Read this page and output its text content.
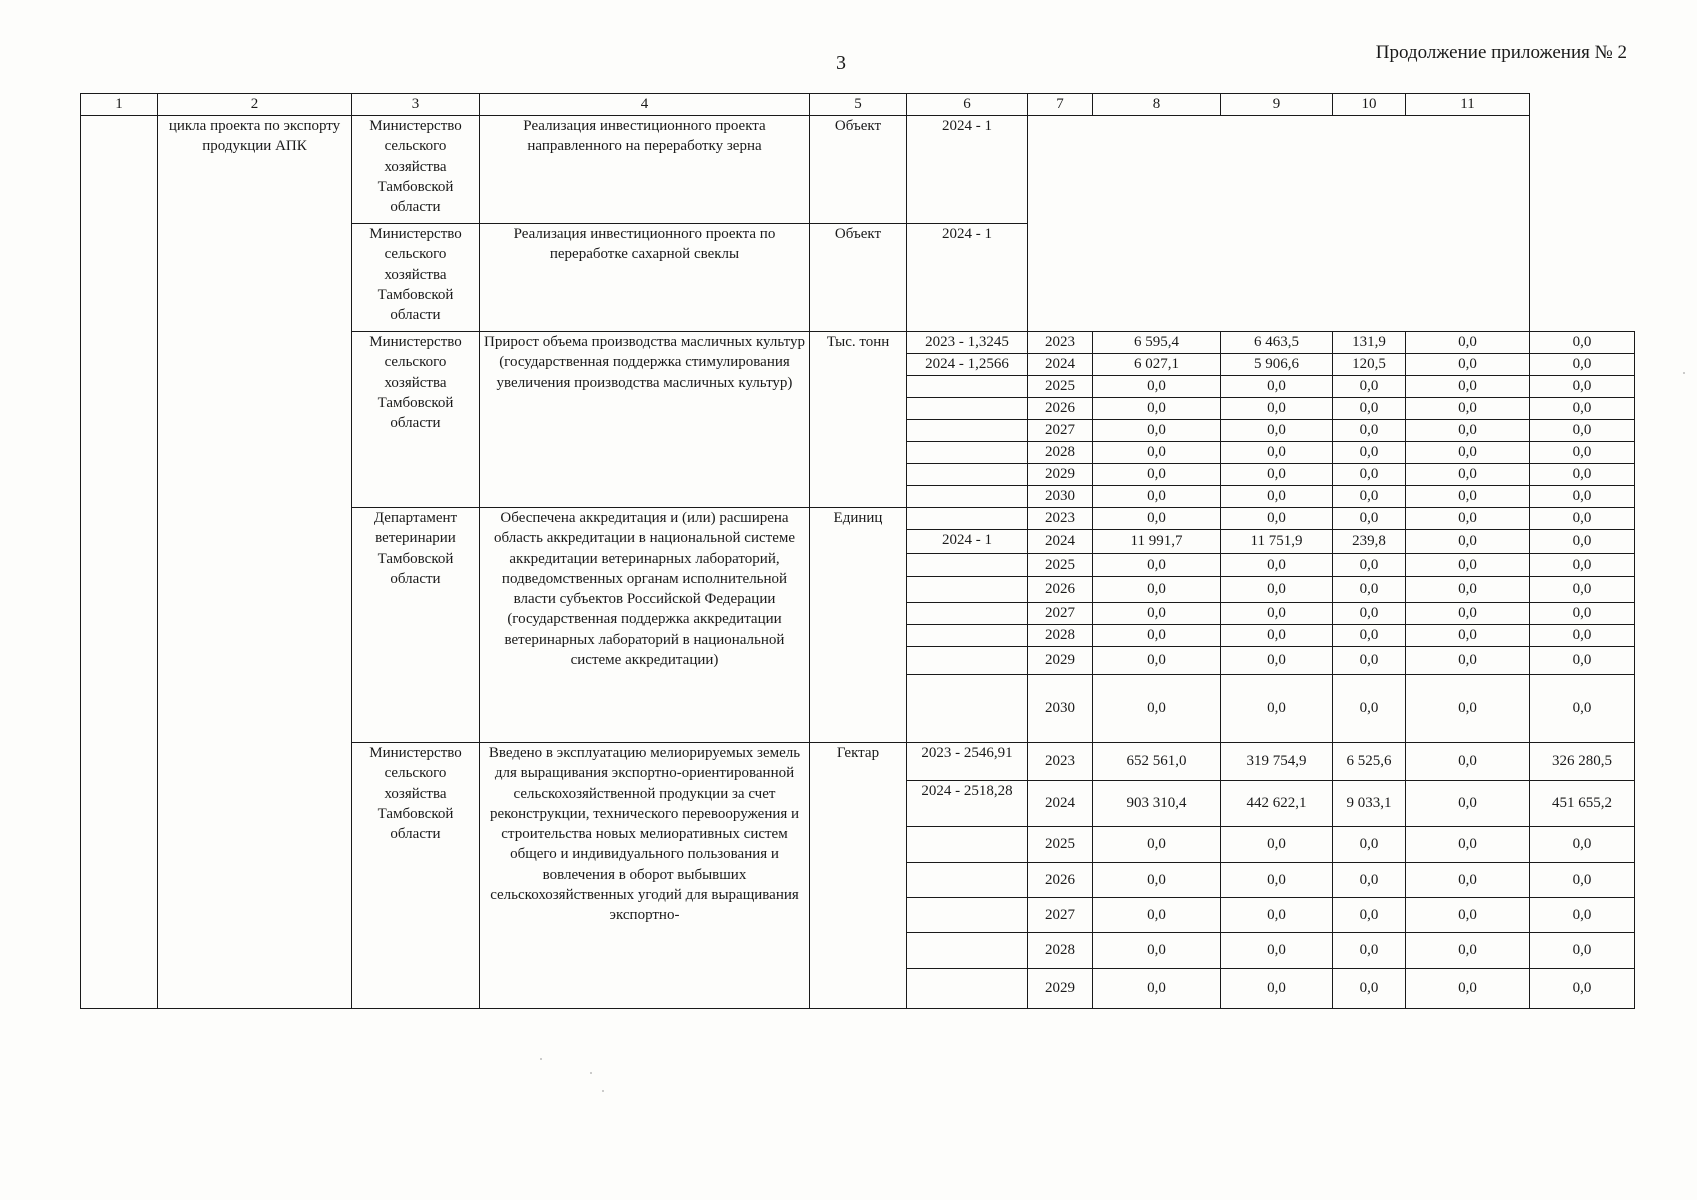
3	Продолжение приложения № 2
1	2	3	4	5	6	7	8	9	10	11	
	цикла проекта по экспорту продукции АПК	Министерство сельского хозяйства Тамбовской области	Реализация инвестиционного проекта направленного на переработку зерна	Объект	2024 - 1						
		Министерство сельского хозяйства Тамбовской области	Реализация инвестиционного проекта по переработке сахарной свеклы	Объект	2024 - 1						
		Министерство сельского хозяйства Тамбовской области	Прирост объема производства масличных культур (государственная поддержка стимулирования увеличения производства масличных культур)	Тыс. тонн	2023 - 1,3245	2023	6 595,4	6 463,5	131,9	0,0	0,0
					2024 - 1,2566	2024	6 027,1	5 906,6	120,5	0,0	0,0
						2025	0,0	0,0	0,0	0,0	0,0
						2026	0,0	0,0	0,0	0,0	0,0
						2027	0,0	0,0	0,0	0,0	0,0
						2028	0,0	0,0	0,0	0,0	0,0
						2029	0,0	0,0	0,0	0,0	0,0
						2030	0,0	0,0	0,0	0,0	0,0
		Департамент ветеринарии Тамбовской области	Обеспечена аккредитация и (или) расширена область аккредитации в национальной системе аккредитации ветеринарных лабораторий, подведомственных органам исполнительной власти субъектов Российской Федерации (государственная поддержка аккредитации ветеринарных лабораторий в национальной системе аккредитации)	Единиц		2023	0,0	0,0	0,0	0,0	0,0
					2024 - 1	2024	11 991,7	11 751,9	239,8	0,0	0,0
						2025	0,0	0,0	0,0	0,0	0,0
						2026	0,0	0,0	0,0	0,0	0,0
						2027	0,0	0,0	0,0	0,0	0,0
						2028	0,0	0,0	0,0	0,0	0,0
						2029	0,0	0,0	0,0	0,0	0,0
						2030	0,0	0,0	0,0	0,0	0,0
		Министерство сельского хозяйства Тамбовской области	Введено в эксплуатацию мелиорируемых земель для выращивания экспортно-ориентированной сельскохозяйственной продукции за счет реконструкции, технического перевооружения и строительства новых мелиоративных систем общего и индивидуального пользования и вовлечения в оборот выбывших сельскохозяйственных угодий для выращивания экспортно-	Гектар	2023 - 2546,91	2023	652 561,0	319 754,9	6 525,6	0,0	326 280,5
					2024 - 2518,28	2024	903 310,4	442 622,1	9 033,1	0,0	451 655,2
						2025	0,0	0,0	0,0	0,0	0,0
						2026	0,0	0,0	0,0	0,0	0,0
						2027	0,0	0,0	0,0	0,0	0,0
						2028	0,0	0,0	0,0	0,0	0,0
						2029	0,0	0,0	0,0	0,0	0,0
